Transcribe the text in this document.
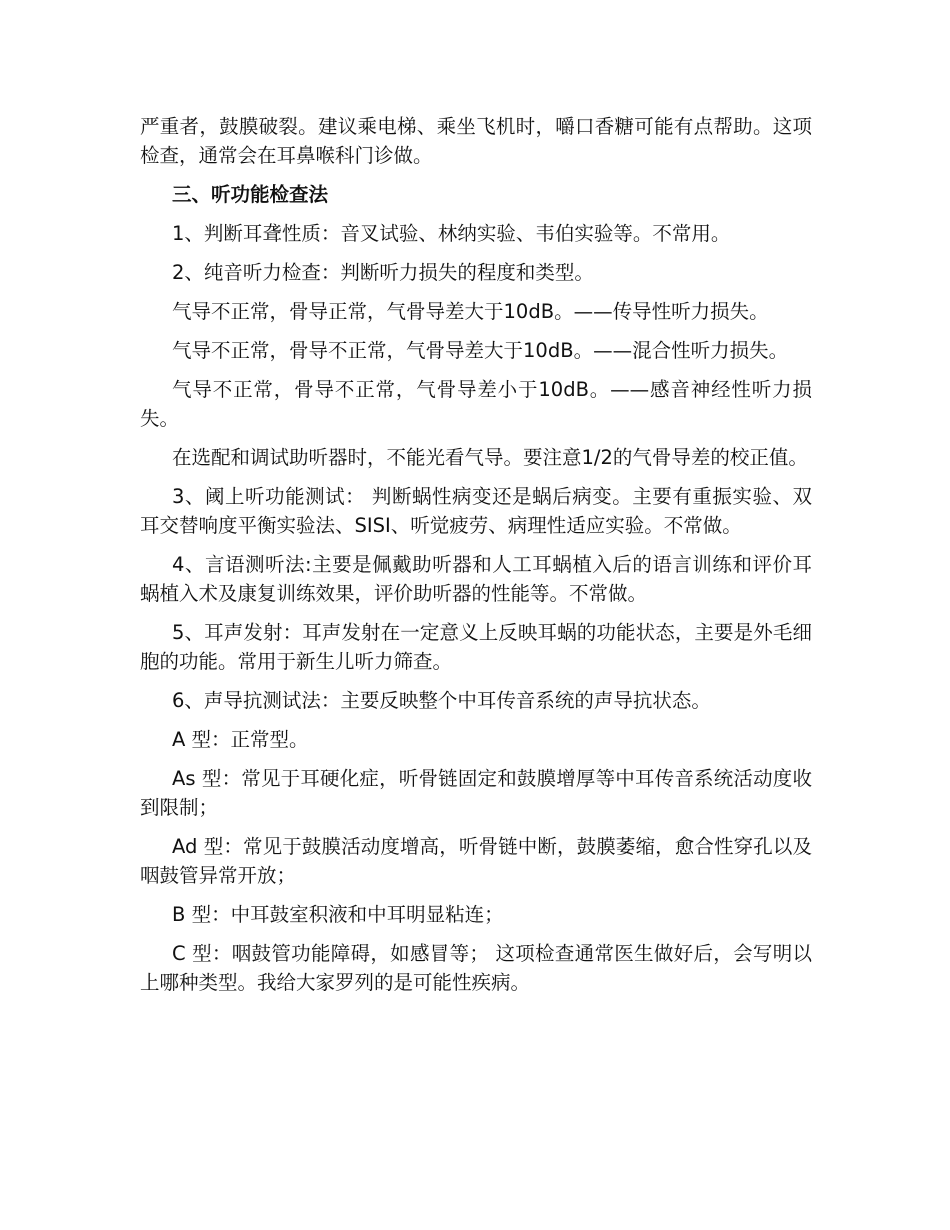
严重者，鼓膜破裂。建议乘电梯、乘坐飞机时，嚼口香糖可能有点帮助。这项检查，通常会在耳鼻喉科门诊做。

三、听功能检查法

1、判断耳聋性质：音叉试验、林纳实验、韦伯实验等。不常用。

2、纯音听力检查：判断听力损失的程度和类型。

气导不正常，骨导正常，气骨导差大于10dB。——传导性听力损失。

气导不正常，骨导不正常，气骨导差大于10dB。——混合性听力损失。

气导不正常，骨导不正常，气骨导差小于10dB。——感音神经性听力损失。

在选配和调试助听器时，不能光看气导。要注意1/2的气骨导差的校正值。

3、阈上听功能测试： 判断蜗性病变还是蜗后病变。主要有重振实验、双耳交替响度平衡实验法、SISI、听觉疲劳、病理性适应实验。不常做。

4、言语测听法:主要是佩戴助听器和人工耳蜗植入后的语言训练和评价耳蜗植入术及康复训练效果，评价助听器的性能等。不常做。

5、耳声发射：耳声发射在一定意义上反映耳蜗的功能状态，主要是外毛细胞的功能。常用于新生儿听力筛查。

6、声导抗测试法：主要反映整个中耳传音系统的声导抗状态。

A 型：正常型。

As 型：常见于耳硬化症，听骨链固定和鼓膜增厚等中耳传音系统活动度收到限制；

Ad 型：常见于鼓膜活动度增高，听骨链中断，鼓膜萎缩，愈合性穿孔以及咽鼓管异常开放；

B 型：中耳鼓室积液和中耳明显粘连；

C 型：咽鼓管功能障碍，如感冒等； 这项检查通常医生做好后，会写明以上哪种类型。我给大家罗列的是可能性疾病。
